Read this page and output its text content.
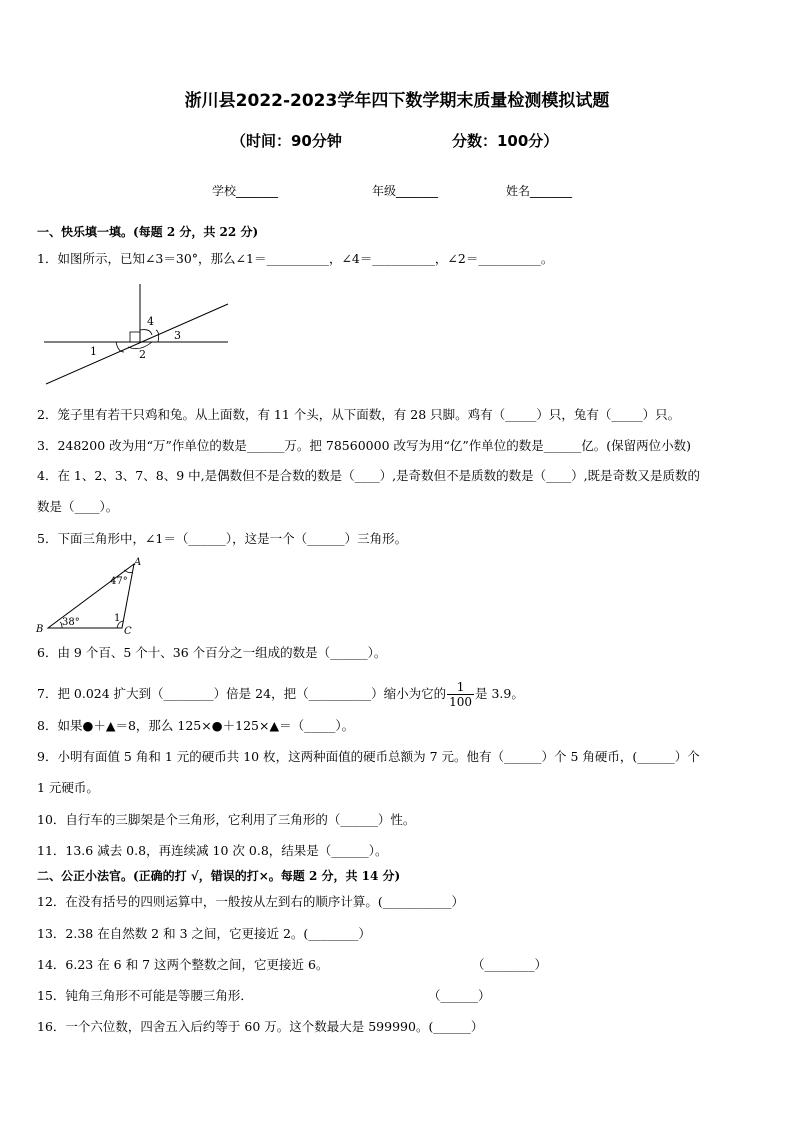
浙川县2022-2023学年四下数学期末质量检测模拟试题
（时间：90分钟	分数：100分）
学校_______	年级_______	姓名_______
一、快乐填一填。(每题 2 分，共 22 分)
1．如图所示，已知∠3＝30°，那么∠1＝__________，∠4＝__________，∠2＝__________。
1	2
3
4
2．笼子里有若干只鸡和兔。从上面数，有 11 个头，从下面数，有 28 只脚。鸡有（_____）只，兔有（_____）只。
3．248200 改为用“万”作单位的数是______万。把 78560000 改写为用“亿”作单位的数是______亿。(保留两位小数)
4．在 1、2、3、7、8、9 中,是偶数但不是合数的数是（____）,是奇数但不是质数的数是（____）,既是奇数又是质数的
数是（____）。
5．下面三角形中，∠1＝（______），这是一个（______）三角形。
A
B	C
47°
38°	1
6．由 9 个百、5 个十、36 个百分之一组成的数是（______）。
7．把 0.024 扩大到（________）倍是 24，把（__________）缩小为它的 $\frac{1}{100}$ 是 3.9。
8．如果●＋▲＝8，那么 125×●＋125×▲＝（_____）。
9．小明有面值 5 角和 1 元的硬币共 10 枚，这两种面值的硬币总额为 7 元。他有（______）个 5 角硬币，(______）个
1 元硬币。
10．自行车的三脚架是个三角形，它利用了三角形的（______）性。
11．13.6 减去 0.8，再连续减 10 次 0.8，结果是（______）。
二、公正小法官。(正确的打 √，错误的打×。每题 2 分，共 14 分)
12．在没有括号的四则运算中，一般按从左到右的顺序计算。(___________）
13．2.38 在自然数 2 和 3 之间，它更接近 2。(________）
14．6.23 在 6 和 7 这两个整数之间，它更接近 6。	（________）
15．钝角三角形不可能是等腰三角形．	（______）
16．一个六位数，四舍五入后约等于 60 万。这个数最大是 599990。(______）
